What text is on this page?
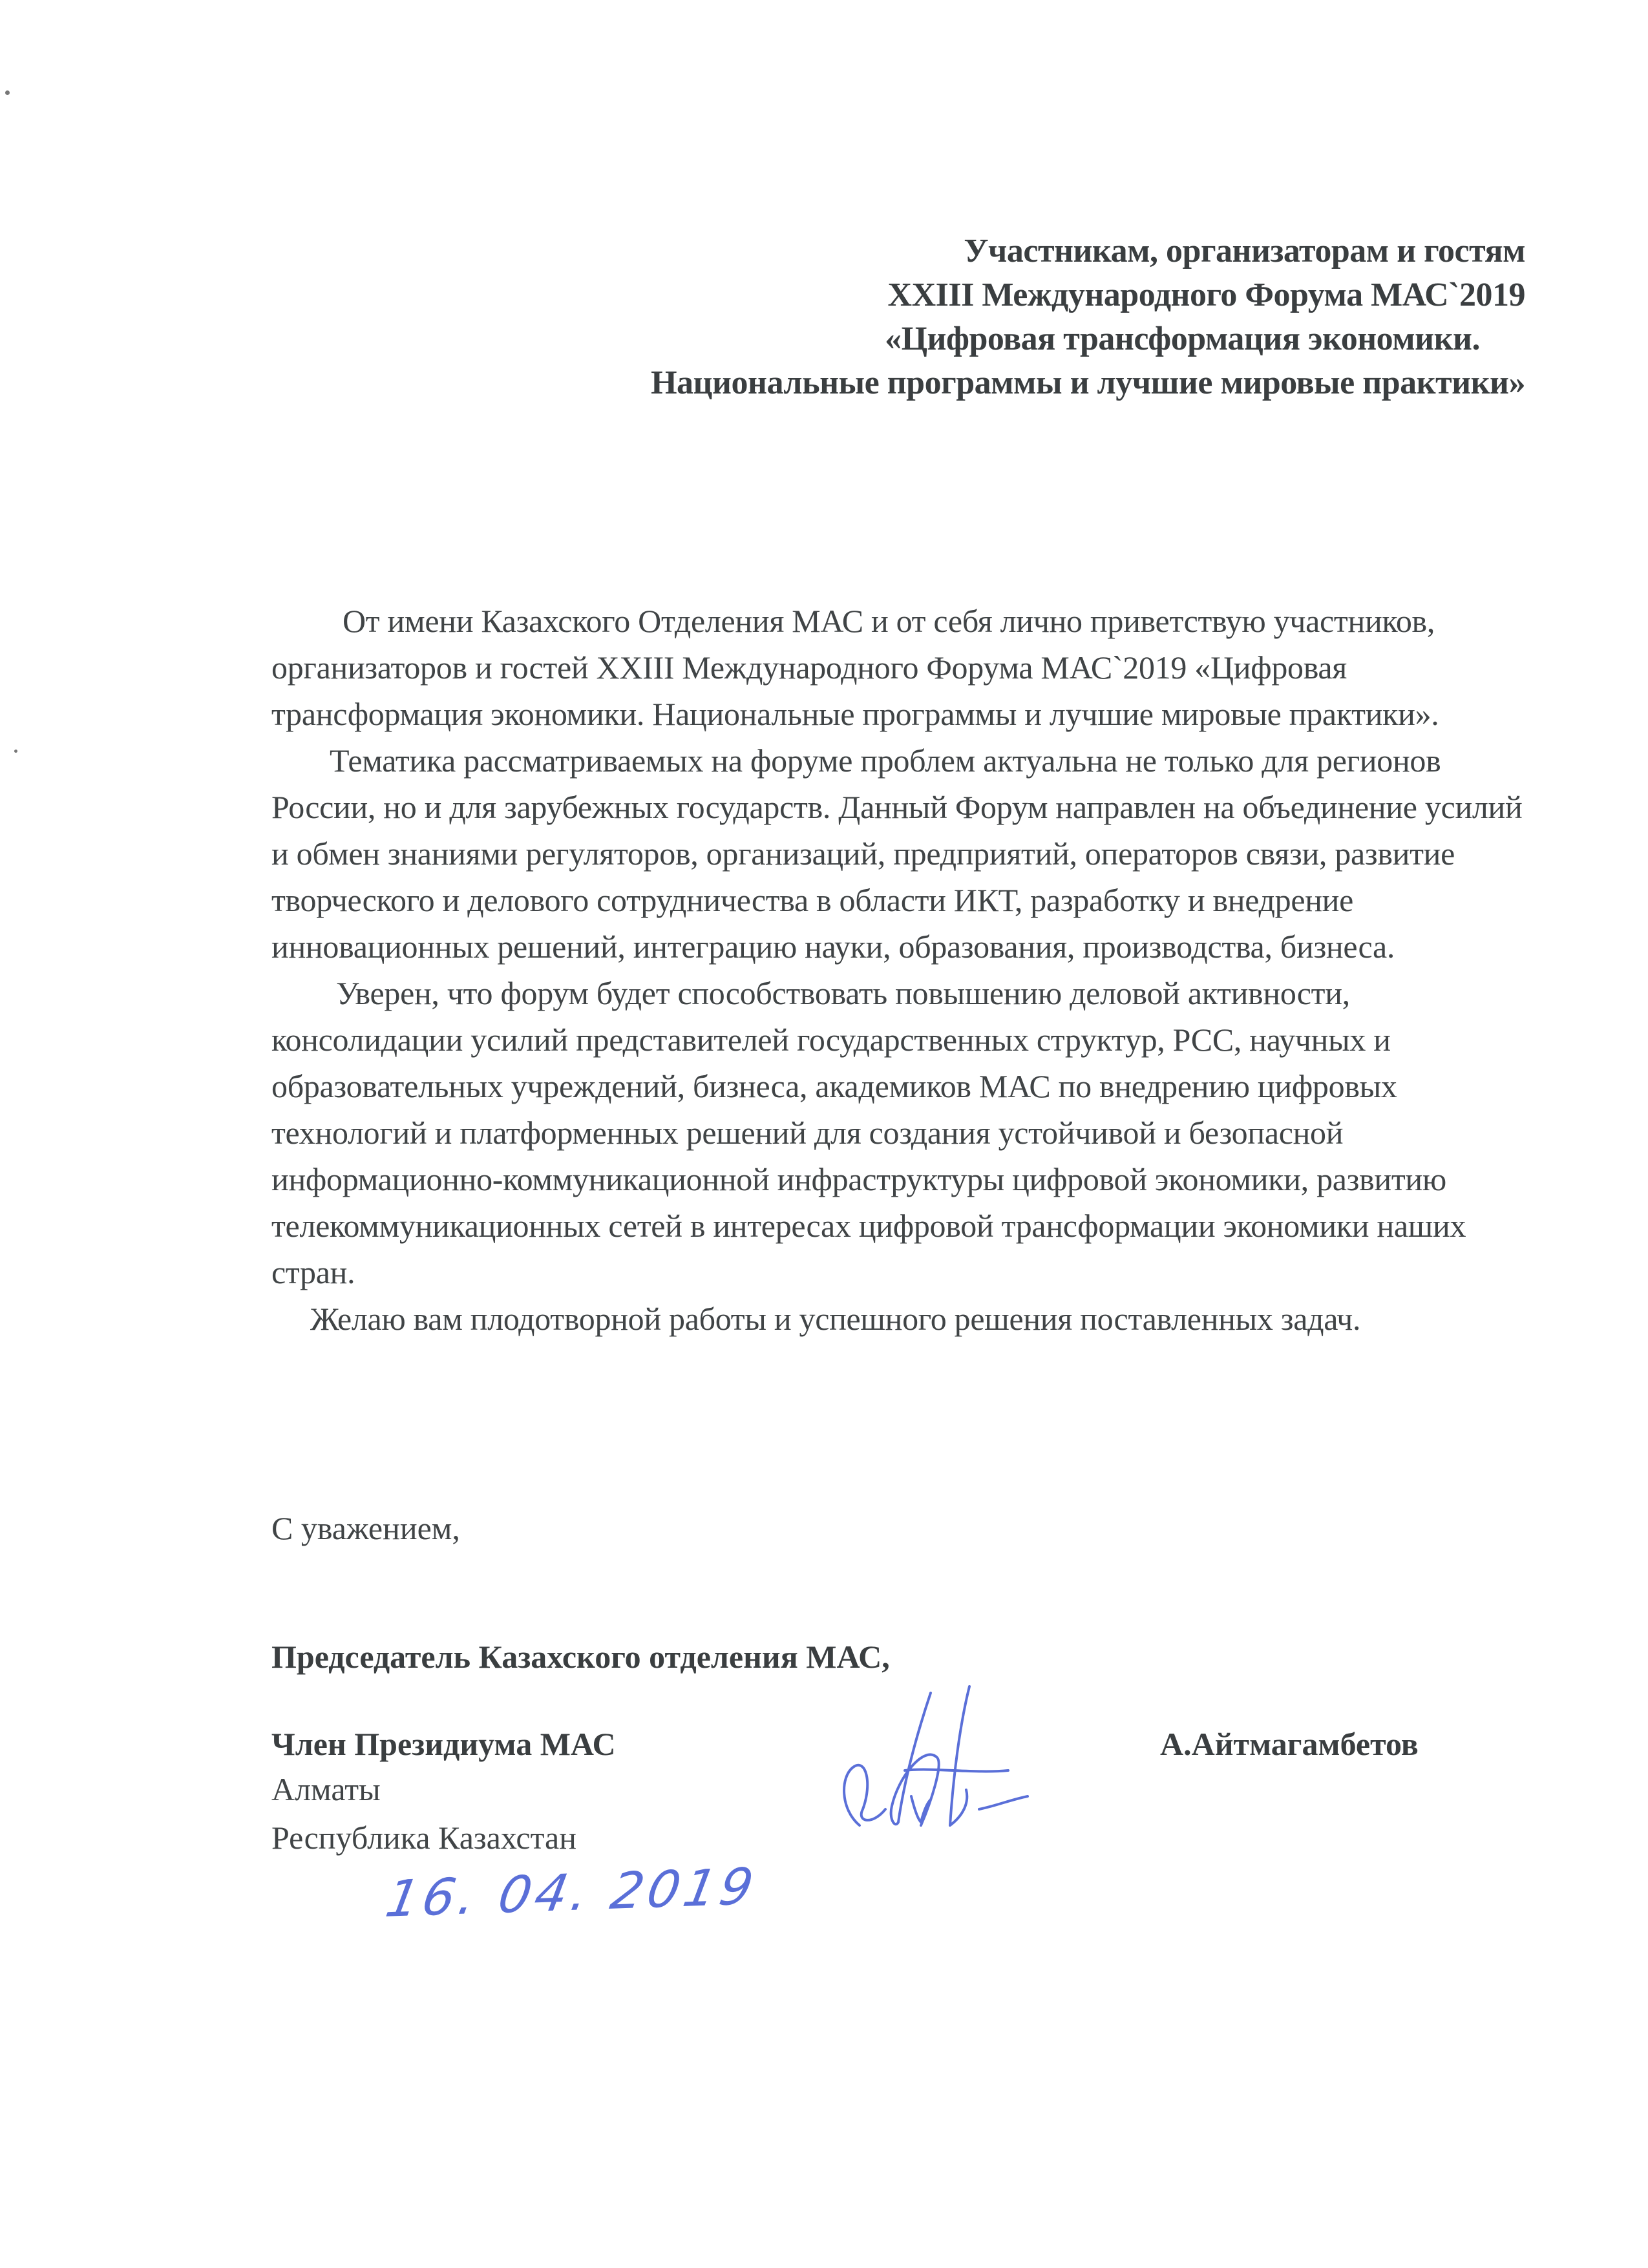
Участникам, организаторам и гостям
XXIII Международного Форума МАС`2019
«Цифровая трансформация экономики.
Национальные программы и лучшие мировые практики»

От имени Казахского Отделения МАС и от себя лично приветствую участников, организаторов и гостей XXIII Международного Форума МАС`2019 «Цифровая трансформация экономики. Национальные программы и лучшие мировые практики».

Тематика рассматриваемых на форуме проблем актуальна не только для регионов России, но и для зарубежных государств. Данный Форум направлен на объединение усилий и обмен знаниями регуляторов, организаций, предприятий, операторов связи, развитие творческого и делового сотрудничества в области ИКТ, разработку и внедрение инновационных решений, интеграцию науки, образования, производства, бизнеса.

Уверен, что форум будет способствовать повышению деловой активности, консолидации усилий представителей государственных структур, РСС, научных и образовательных учреждений, бизнеса, академиков МАС по внедрению цифровых технологий и платформенных решений для создания устойчивой и безопасной информационно-коммуникационной инфраструктуры цифровой экономики, развитию телекоммуникационных сетей в интересах цифровой трансформации экономики наших стран.

Желаю вам плодотворной работы и успешного решения поставленных задач.

С уважением,
Председатель Казахского отделения МАС,
Член Президиума МАС
Алматы
Республика Казахстан
А.Айтмагамбетов
16. 04. 2019
